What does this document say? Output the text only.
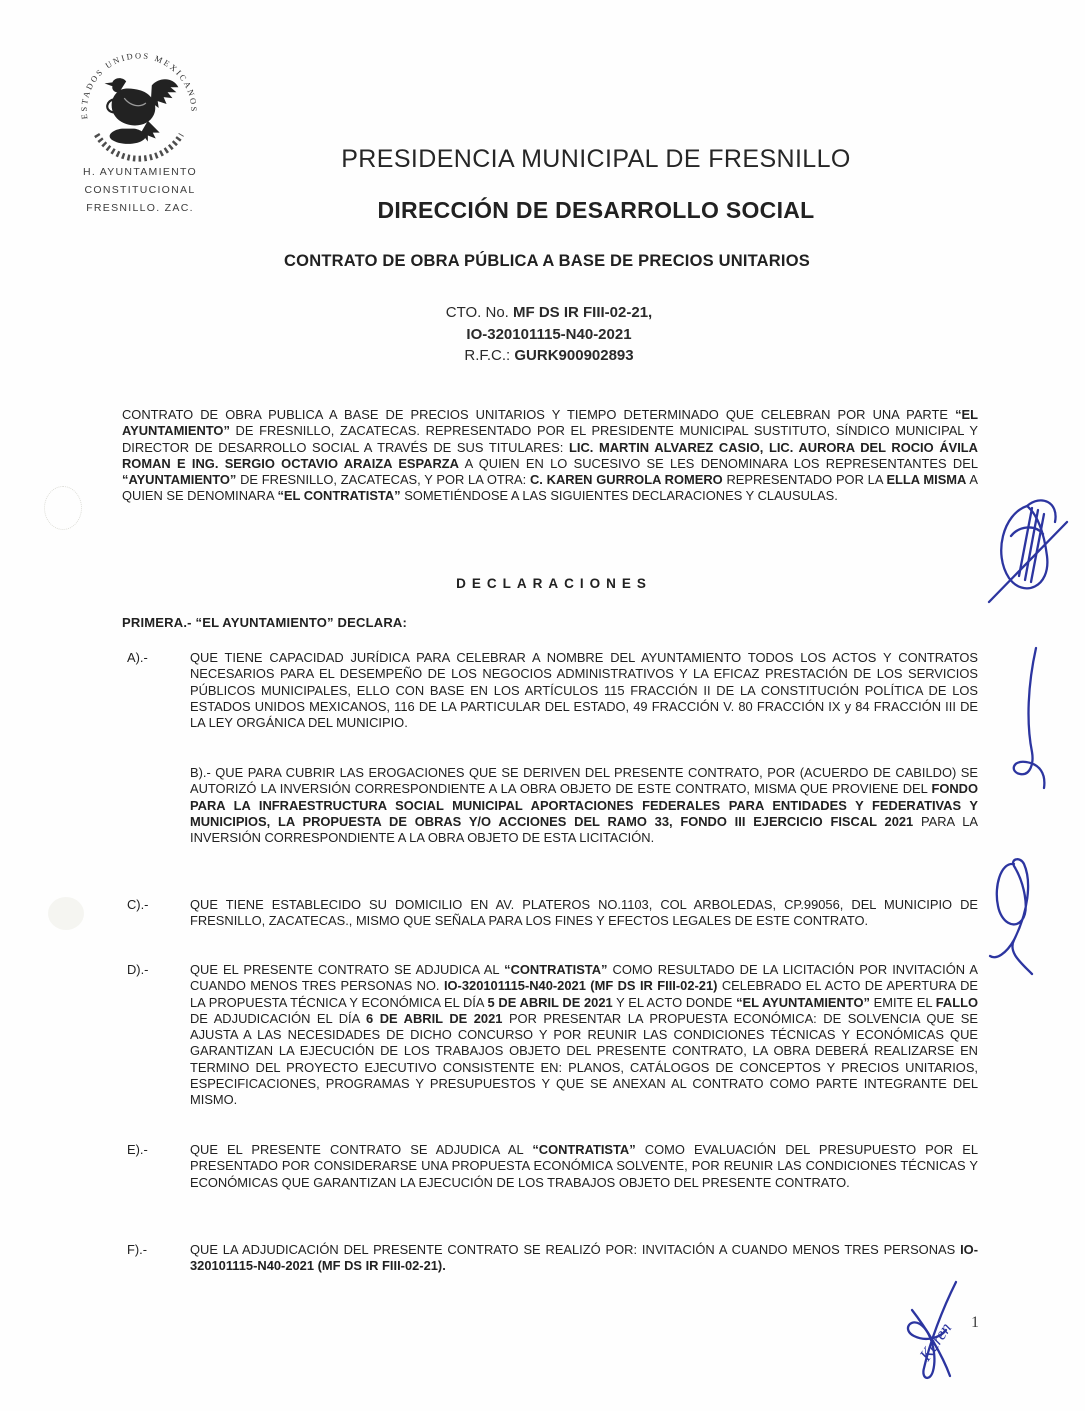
ESTADOS UNIDOS MEXICANOS
H. AYUNTAMIENTO
CONSTITUCIONAL
FRESNILLO. ZAC.
PRESIDENCIA MUNICIPAL DE FRESNILLO
DIRECCIÓN DE DESARROLLO SOCIAL
CONTRATO DE OBRA PÚBLICA A BASE DE PRECIOS UNITARIOS
CTO. No. MF DS IR FIII-02-21,
IO-320101115-N40-2021
R.F.C.: GURK900902893

CONTRATO DE OBRA PUBLICA A BASE DE PRECIOS UNITARIOS Y TIEMPO DETERMINADO QUE CELEBRAN POR UNA PARTE “EL AYUNTAMIENTO” DE FRESNILLO, ZACATECAS. REPRESENTADO POR EL PRESIDENTE MUNICIPAL SUSTITUTO, SÍNDICO MUNICIPAL Y DIRECTOR DE DESARROLLO SOCIAL A TRAVÉS DE SUS TITULARES: LIC. MARTIN ALVAREZ CASIO, LIC. AURORA DEL ROCIO ÁVILA ROMAN E ING. SERGIO OCTAVIO ARAIZA ESPARZA A QUIEN EN LO SUCESIVO SE LES DENOMINARA LOS REPRESENTANTES DEL “AYUNTAMIENTO” DE FRESNILLO, ZACATECAS, Y POR LA OTRA: C. KAREN GURROLA ROMERO REPRESENTADO POR LA ELLA MISMA A QUIEN SE DENOMINARA “EL CONTRATISTA” SOMETIÉNDOSE A LAS SIGUIENTES DECLARACIONES Y CLAUSULAS.

DECLARACIONES

PRIMERA.- “EL AYUNTAMIENTO” DECLARA:

A).-	QUE TIENE CAPACIDAD JURÍDICA PARA CELEBRAR A NOMBRE DEL AYUNTAMIENTO TODOS LOS ACTOS Y CONTRATOS NECESARIOS PARA EL DESEMPEÑO DE LOS NEGOCIOS ADMINISTRATIVOS Y LA EFICAZ PRESTACIÓN DE LOS SERVICIOS PÚBLICOS MUNICIPALES, ELLO CON BASE EN LOS ARTÍCULOS 115 FRACCIÓN II DE LA CONSTITUCIÓN POLÍTICA DE LOS ESTADOS UNIDOS MEXICANOS, 116 DE LA PARTICULAR DEL ESTADO, 49 FRACCIÓN V. 80 FRACCIÓN IX y 84 FRACCIÓN III DE LA LEY ORGÁNICA DEL MUNICIPIO.
B).- QUE PARA CUBRIR LAS EROGACIONES QUE SE DERIVEN DEL PRESENTE CONTRATO, POR (ACUERDO DE CABILDO) SE AUTORIZÓ LA INVERSIÓN CORRESPONDIENTE A LA OBRA OBJETO DE ESTE CONTRATO, MISMA QUE PROVIENE DEL FONDO PARA LA INFRAESTRUCTURA SOCIAL MUNICIPAL APORTACIONES FEDERALES PARA ENTIDADES Y FEDERATIVAS Y MUNICIPIOS, LA PROPUESTA DE OBRAS Y/O ACCIONES DEL RAMO 33, FONDO III EJERCICIO FISCAL 2021 PARA LA INVERSIÓN CORRESPONDIENTE A LA OBRA OBJETO DE ESTA LICITACIÓN.
C).-	QUE TIENE ESTABLECIDO SU DOMICILIO EN AV. PLATEROS NO.1103, COL ARBOLEDAS, CP.99056, DEL MUNICIPIO DE FRESNILLO, ZACATECAS., MISMO QUE SEÑALA PARA LOS FINES Y EFECTOS LEGALES DE ESTE CONTRATO.
D).-	QUE EL PRESENTE CONTRATO SE ADJUDICA AL “CONTRATISTA” COMO RESULTADO DE LA LICITACIÓN POR INVITACIÓN A CUANDO MENOS TRES PERSONAS NO. IO-320101115-N40-2021 (MF DS IR FIII-02-21) CELEBRADO EL ACTO DE APERTURA DE LA PROPUESTA TÉCNICA Y ECONÓMICA EL DÍA 5 DE ABRIL DE 2021 Y EL ACTO DONDE “EL AYUNTAMIENTO” EMITE EL FALLO DE ADJUDICACIÓN EL DÍA 6 DE ABRIL DE 2021 POR PRESENTAR LA PROPUESTA ECONÓMICA: DE SOLVENCIA QUE SE AJUSTA A LAS NECESIDADES DE DICHO CONCURSO Y POR REUNIR LAS CONDICIONES TÉCNICAS Y ECONÓMICAS QUE GARANTIZAN LA EJECUCIÓN DE LOS TRABAJOS OBJETO DEL PRESENTE CONTRATO, LA OBRA DEBERÁ REALIZARSE EN TERMINO DEL PROYECTO EJECUTIVO CONSISTENTE EN: PLANOS, CATÁLOGOS DE CONCEPTOS Y PRECIOS UNITARIOS, ESPECIFICACIONES, PROGRAMAS Y PRESUPUESTOS Y QUE SE ANEXAN AL CONTRATO COMO PARTE INTEGRANTE DEL MISMO.
E).-	QUE EL PRESENTE CONTRATO SE ADJUDICA AL “CONTRATISTA” COMO EVALUACIÓN DEL PRESUPUESTO POR EL PRESENTADO POR CONSIDERARSE UNA PROPUESTA ECONÓMICA SOLVENTE, POR REUNIR LAS CONDICIONES TÉCNICAS Y ECONÓMICAS QUE GARANTIZAN LA EJECUCIÓN DE LOS TRABAJOS OBJETO DEL PRESENTE CONTRATO.
F).-	QUE LA ADJUDICACIÓN DEL PRESENTE CONTRATO SE REALIZÓ POR: INVITACIÓN A CUANDO MENOS TRES PERSONAS IO-320101115-N40-2021 (MF DS IR FIII-02-21).
Karen 1
